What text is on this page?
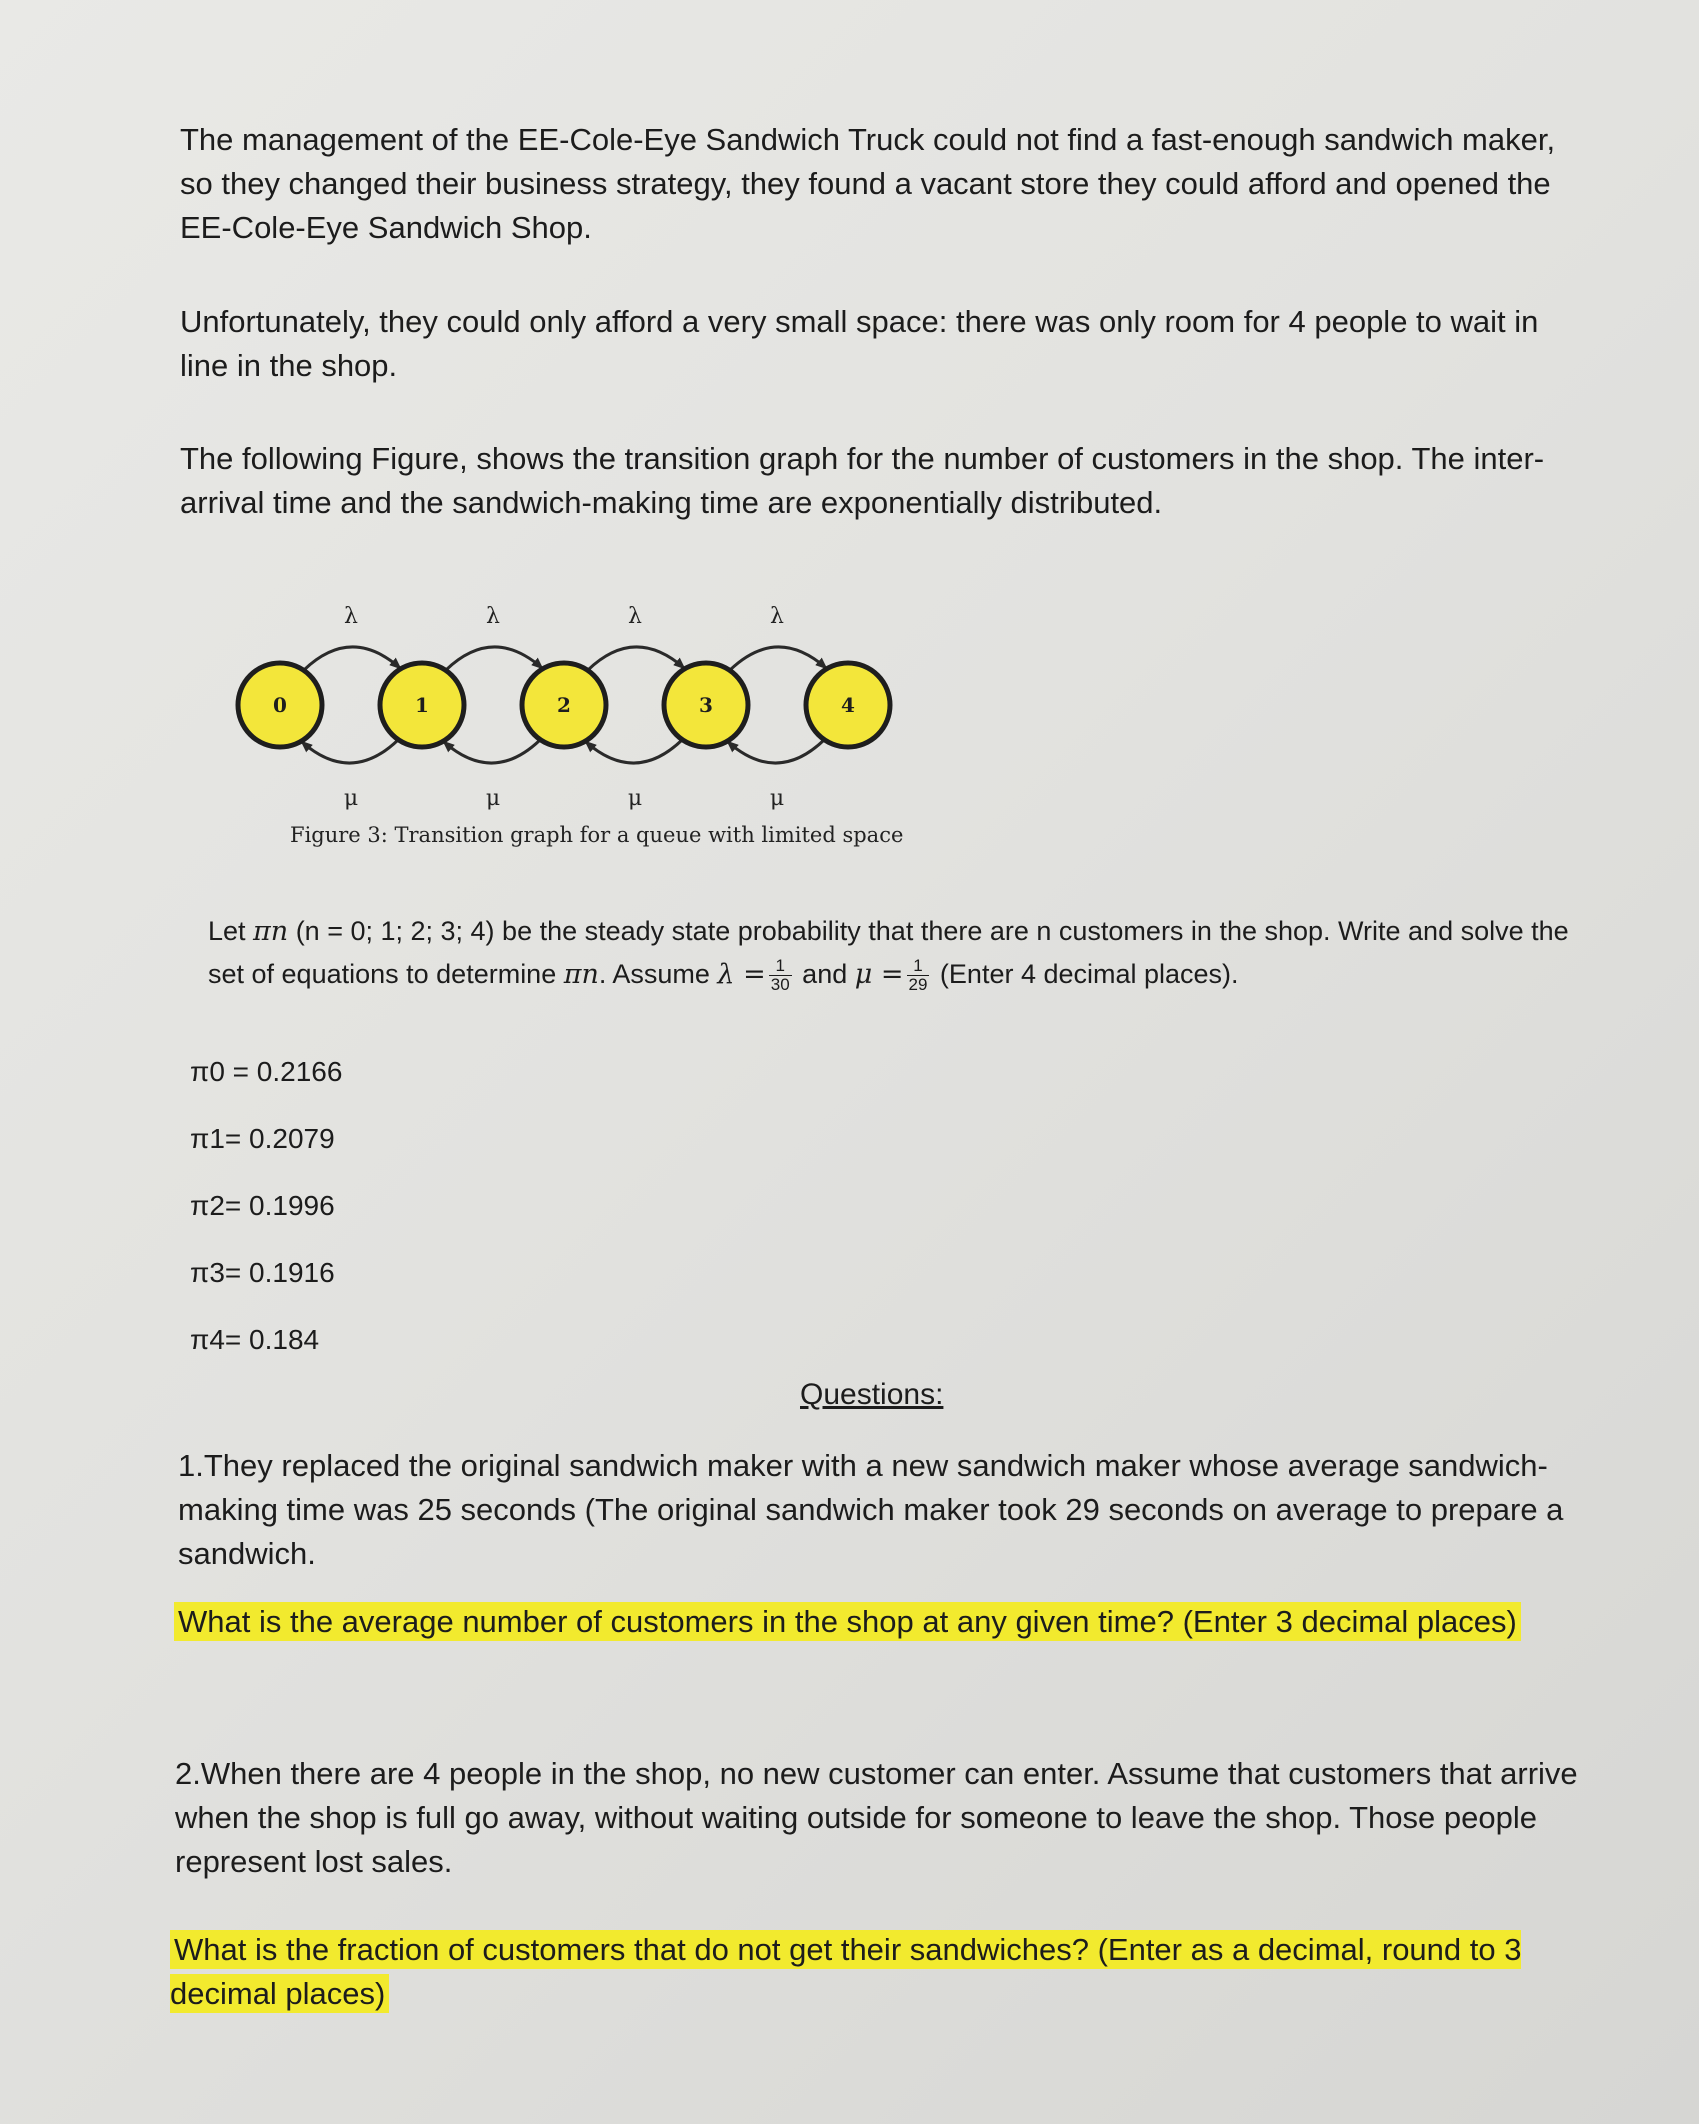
The management of the EE-Cole-Eye Sandwich Truck could not find a fast-enough sandwich maker, so they changed their business strategy, they found a vacant store they could afford and opened the EE-Cole-Eye Sandwich Shop.

Unfortunately, they could only afford a very small space: there was only room for 4 people to wait in line in the shop.

The following Figure, shows the transition graph for the number of customers in the shop. The inter-arrival time and the sandwich-making time are exponentially distributed.

λ
μ
λ
μ
λ
μ
λ
μ
0	1	2	3	4
Figure 3: Transition graph for a queue with limited space

Let πn (n = 0; 1; 2; 3; 4) be the steady state probability that there are n customers in the shop. Write and solve the set of equations to determine πn. Assume $\lambda = \frac{1}{30}$ and $\mu = \frac{1}{29}$ (Enter 4 decimal places).

π0 = 0.2166
π1= 0.2079
π2= 0.1996
π3= 0.1916
π4= 0.184
Questions:

1.They replaced the original sandwich maker with a new sandwich maker whose average sandwich-making time was 25 seconds (The original sandwich maker took 29 seconds on average to prepare a sandwich.

What is the average number of customers in the shop at any given time? (Enter 3 decimal places)

2.When there are 4 people in the shop, no new customer can enter. Assume that customers that arrive when the shop is full go away, without waiting outside for someone to leave the shop. Those people represent lost sales.

What is the fraction of customers that do not get their sandwiches? (Enter as a decimal, round to 3 decimal places)
